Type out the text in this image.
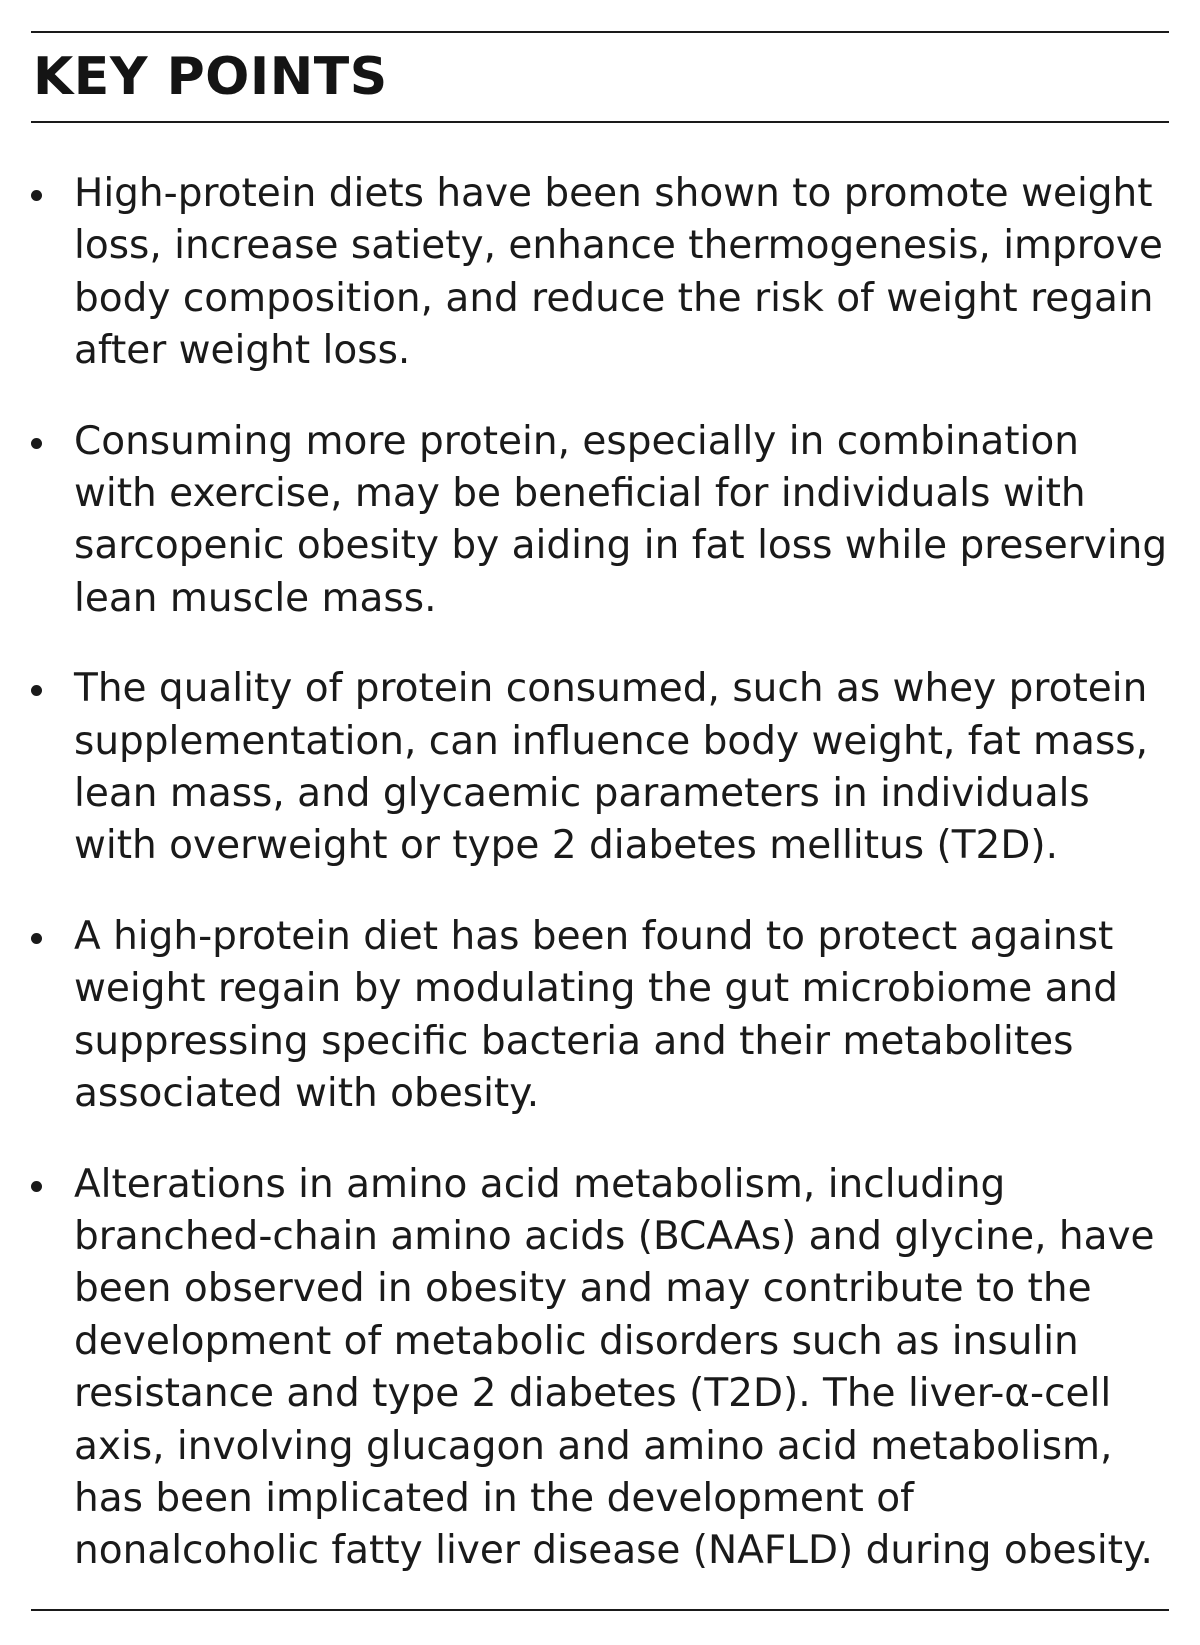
KEY POINTS
High-protein diets have been shown to promote weight loss, increase satiety, enhance thermogenesis, improve body composition, and reduce the risk of weight regain after weight loss.
Consuming more protein, especially in combination with exercise, may be beneficial for individuals with sarcopenic obesity by aiding in fat loss while preserving lean muscle mass.
The quality of protein consumed, such as whey protein supplementation, can influence body weight, fat mass, lean mass, and glycaemic parameters in individuals with overweight or type 2 diabetes mellitus (T2D).
A high-protein diet has been found to protect against weight regain by modulating the gut microbiome and suppressing specific bacteria and their metabolites associated with obesity.
Alterations in amino acid metabolism, including branched-chain amino acids (BCAAs) and glycine, have been observed in obesity and may contribute to the development of metabolic disorders such as insulin resistance and type 2 diabetes (T2D). The liver-α-cell axis, involving glucagon and amino acid metabolism, has been implicated in the development of nonalcoholic fatty liver disease (NAFLD) during obesity.
